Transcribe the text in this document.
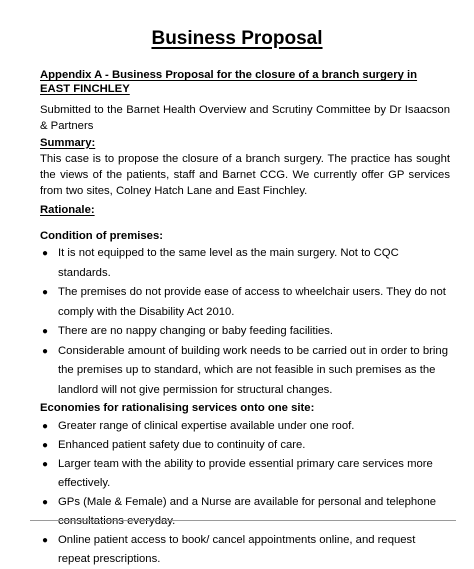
Business Proposal

Appendix A - Business Proposal for the closure of a branch surgery in EAST FINCHLEY

Submitted to the Barnet Health Overview and Scrutiny Committee by Dr Isaacson & Partners

Summary:

This case is to propose the closure of a branch surgery. The practice has sought the views of the patients, staff and Barnet CCG. We currently offer GP services from two sites, Colney Hatch Lane and East Finchley.

Rationale:

Condition of premises:

● It is not equipped to the same level as the main surgery. Not to CQC standards.
● The premises do not provide ease of access to wheelchair users. They do not comply with the Disability Act 2010.
● There are no nappy changing or baby feeding facilities.
● Considerable amount of building work needs to be carried out in order to bring the premises up to standard, which are not feasible in such premises as the landlord will not give permission for structural changes.

Economies for rationalising services onto one site:

● Greater range of clinical expertise available under one roof.
● Enhanced patient safety due to continuity of care.
● Larger team with the ability to provide essential primary care services more effectively.
● GPs (Male & Female) and a Nurse are available for personal and telephone consultations everyday.
● Online patient access to book/ cancel appointments online, and request repeat prescriptions.
